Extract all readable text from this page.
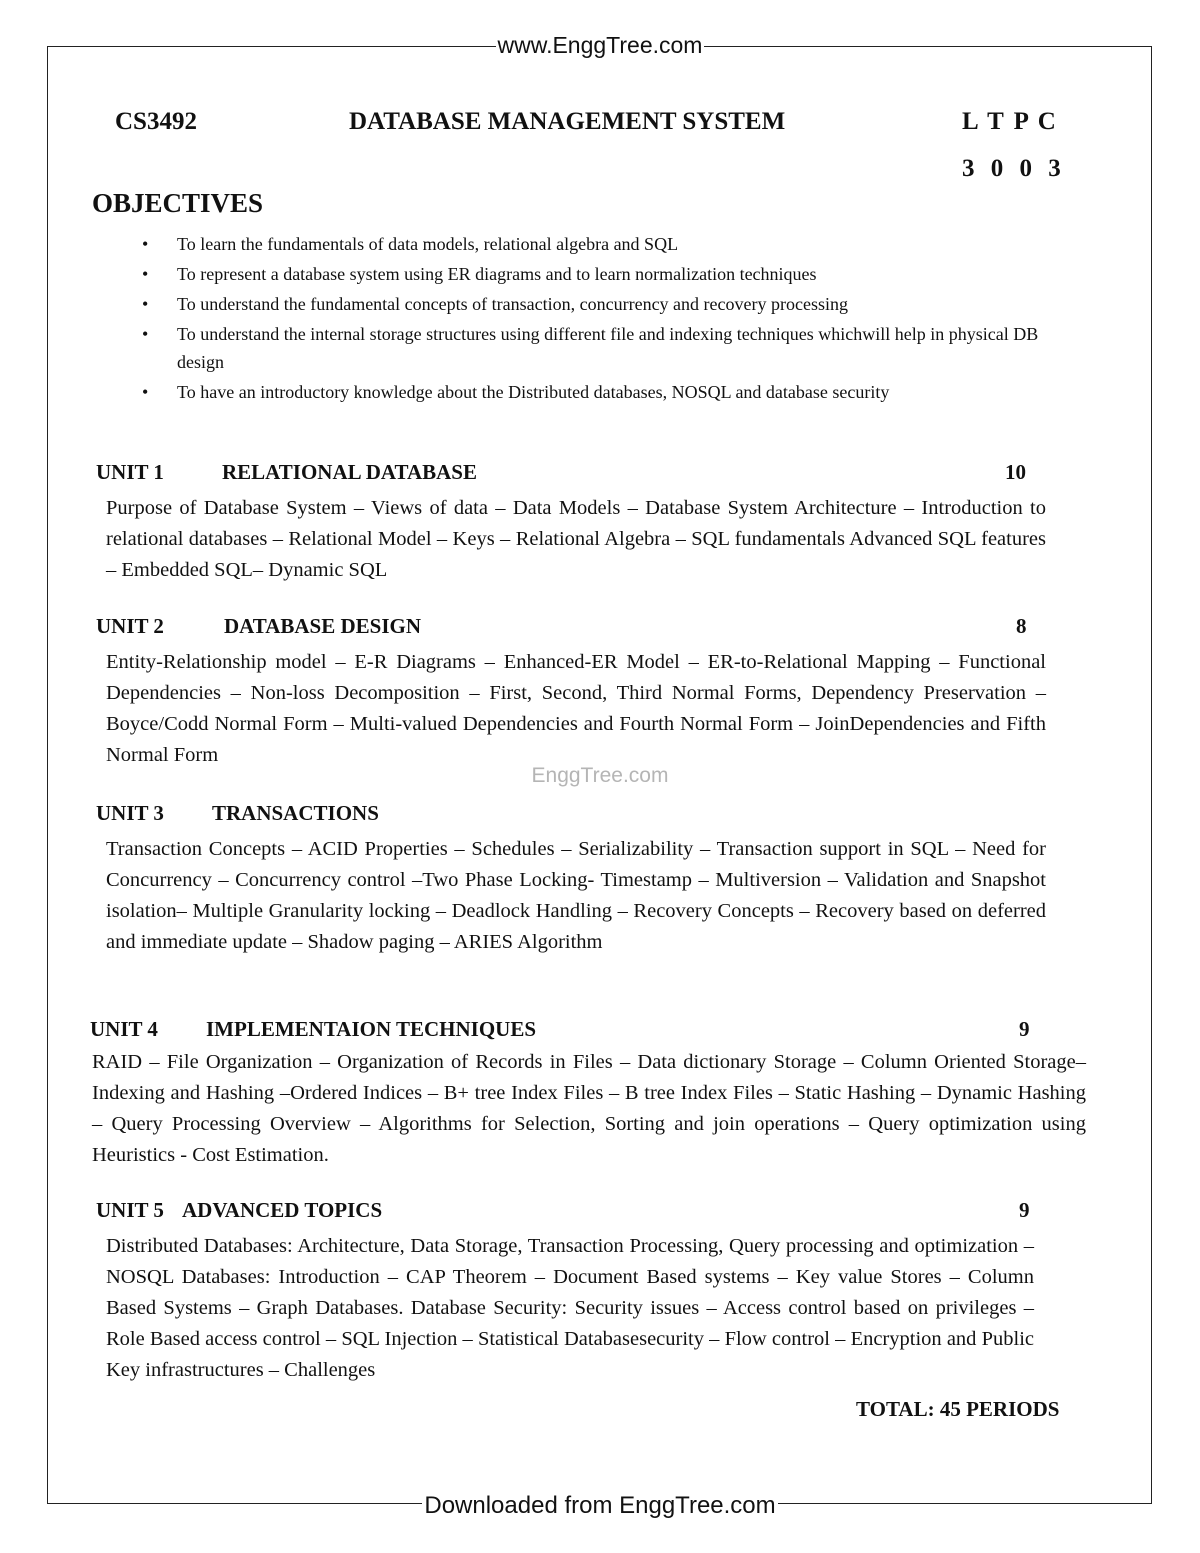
www.EnggTree.com
CS3492	DATABASE MANAGEMENT SYSTEM	L T P C
3 0 0 3
OBJECTIVES
• To learn the fundamentals of data models, relational algebra and SQL
• To represent a database system using ER diagrams and to learn normalization techniques
• To understand the fundamental concepts of transaction, concurrency and recovery processing
• To understand the internal storage structures using different file and indexing techniques whichwill help in physical DB design
• To have an introductory knowledge about the Distributed databases, NOSQL and database security
UNIT 1	RELATIONAL DATABASE	10
Purpose of Database System – Views of data – Data Models – Database System Architecture – Introduction to relational databases – Relational Model – Keys – Relational Algebra – SQL fundamentals Advanced SQL features – Embedded SQL– Dynamic SQL
UNIT 2	DATABASE DESIGN	8
Entity-Relationship model – E-R Diagrams – Enhanced-ER Model – ER-to-Relational Mapping – Functional Dependencies – Non-loss Decomposition – First, Second, Third Normal Forms, Dependency Preservation – Boyce/Codd Normal Form – Multi-valued Dependencies and Fourth Normal Form – JoinDependencies and Fifth Normal Form
EnggTree.com
UNIT 3 TRANSACTIONS
Transaction Concepts – ACID Properties – Schedules – Serializability – Transaction support in SQL – Need for Concurrency – Concurrency control –Two Phase Locking- Timestamp – Multiversion – Validation and Snapshot isolation– Multiple Granularity locking – Deadlock Handling – Recovery Concepts – Recovery based on deferred and immediate update – Shadow paging – ARIES Algorithm
UNIT 4 IMPLEMENTAION TECHNIQUES	9
RAID – File Organization – Organization of Records in Files – Data dictionary Storage – Column Oriented Storage– Indexing and Hashing –Ordered Indices – B+ tree Index Files – B tree Index Files – Static Hashing – Dynamic Hashing – Query Processing Overview – Algorithms for Selection, Sorting and join operations – Query optimization using Heuristics - Cost Estimation.
UNIT 5 ADVANCED TOPICS	9
Distributed Databases: Architecture, Data Storage, Transaction Processing, Query processing and optimization – NOSQL Databases: Introduction – CAP Theorem – Document Based systems – Key value Stores – Column Based Systems – Graph Databases. Database Security: Security issues – Access control based on privileges – Role Based access control – SQL Injection – Statistical Databasesecurity – Flow control – Encryption and Public Key infrastructures – Challenges
TOTAL: 45 PERIODS
Downloaded from EnggTree.com
